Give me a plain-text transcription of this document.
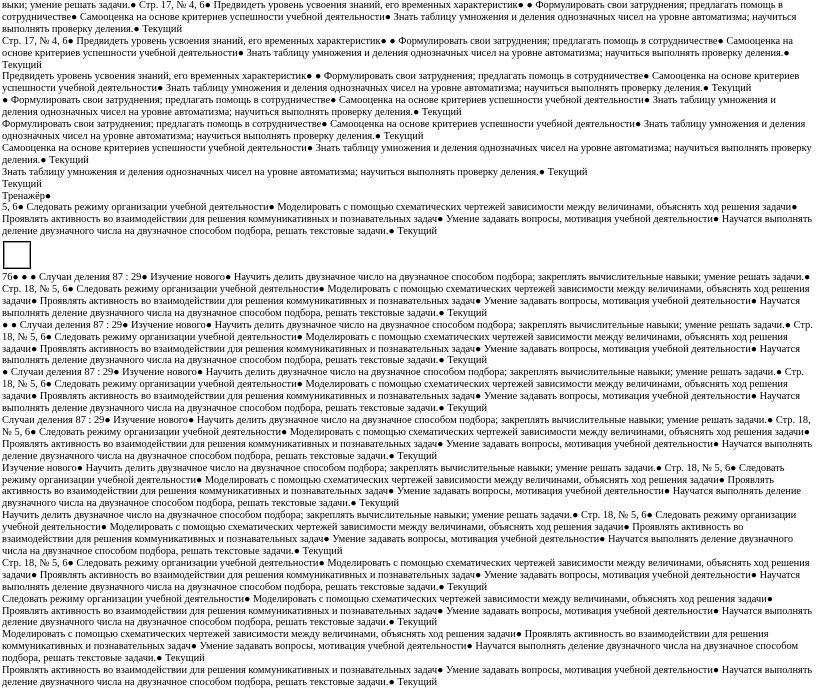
выки; умение решать задачи.● Стр. 17, № 4, 6● Предвидеть уровень усвоения знаний, его временных характеристик● ● Формулировать свои затруднения; предлагать помощь в сотрудничестве● Самооценка на основе критериев успешности учебной деятельности● Знать таблицу умножения и деления однозначных чисел на уровне автоматизма; научиться выполнять проверку деления.● Текущий
Стр. 17, № 4, 6● Предвидеть уровень усвоения знаний, его временных характеристик● ● Формулировать свои затруднения; предлагать помощь в сотрудничестве● Самооценка на основе критериев успешности учебной деятельности● Знать таблицу умножения и деления однозначных чисел на уровне автоматизма; научиться выполнять проверку деления.● Текущий
Предвидеть уровень усвоения знаний, его временных характеристик● ● Формулировать свои затруднения; предлагать помощь в сотрудничестве● Самооценка на основе критериев успешности учебной деятельности● Знать таблицу умножения и деления однозначных чисел на уровне автоматизма; научиться выполнять проверку деления.● Текущий
● Формулировать свои затруднения; предлагать помощь в сотрудничестве● Самооценка на основе критериев успешности учебной деятельности● Знать таблицу умножения и деления однозначных чисел на уровне автоматизма; научиться выполнять проверку деления.● Текущий
Формулировать свои затруднения; предлагать помощь в сотрудничестве● Самооценка на основе критериев успешности учебной деятельности● Знать таблицу умножения и деления однозначных чисел на уровне автоматизма; научиться выполнять проверку деления.● Текущий
Самооценка на основе критериев успешности учебной деятельности● Знать таблицу умножения и деления однозначных чисел на уровне автоматизма; научиться выполнять проверку деления.● Текущий
Знать таблицу умножения и деления однозначных чисел на уровне автоматизма; научиться выполнять проверку деления.● Текущий
Текущий
Тренажёр●
5, 6● Следовать режиму организации учебной деятельности● Моделировать с помощью схематических чертежей зависимости между величинами, объяснять ход решения задачи● Проявлять активность во взаимодействии для решения коммуникативных и познавательных задач● Умение задавать вопросы, мотивация учебной деятельности● Научатся выполнять деление двузначного числа на двузначное способом подбора, решать текстовые задачи.● Текущий
76● ● ● Случаи деления 87 : 29● Изучение нового● Научить делить двузначное число на двузначное способом подбора; закреплять вычислительные навыки; умение решать задачи.● Стр. 18, № 5, 6● Следовать режиму организации учебной деятельности● Моделировать с помощью схематических чертежей зависимости между величинами, объяснять ход решения задачи● Проявлять активность во взаимодействии для решения коммуникативных и познавательных задач● Умение задавать вопросы, мотивация учебной деятельности● Научатся выполнять деление двузначного числа на двузначное способом подбора, решать текстовые задачи.● Текущий
● ● Случаи деления 87 : 29● Изучение нового● Научить делить двузначное число на двузначное способом подбора; закреплять вычислительные навыки; умение решать задачи.● Стр. 18, № 5, 6● Следовать режиму организации учебной деятельности● Моделировать с помощью схематических чертежей зависимости между величинами, объяснять ход решения задачи● Проявлять активность во взаимодействии для решения коммуникативных и познавательных задач● Умение задавать вопросы, мотивация учебной деятельности● Научатся выполнять деление двузначного числа на двузначное способом подбора, решать текстовые задачи.● Текущий
● Случаи деления 87 : 29● Изучение нового● Научить делить двузначное число на двузначное способом подбора; закреплять вычислительные навыки; умение решать задачи.● Стр. 18, № 5, 6● Следовать режиму организации учебной деятельности● Моделировать с помощью схематических чертежей зависимости между величинами, объяснять ход решения задачи● Проявлять активность во взаимодействии для решения коммуникативных и познавательных задач● Умение задавать вопросы, мотивация учебной деятельности● Научатся выполнять деление двузначного числа на двузначное способом подбора, решать текстовые задачи.● Текущий
Случаи деления 87 : 29● Изучение нового● Научить делить двузначное число на двузначное способом подбора; закреплять вычислительные навыки; умение решать задачи.● Стр. 18, № 5, 6● Следовать режиму организации учебной деятельности● Моделировать с помощью схематических чертежей зависимости между величинами, объяснять ход решения задачи● Проявлять активность во взаимодействии для решения коммуникативных и познавательных задач● Умение задавать вопросы, мотивация учебной деятельности● Научатся выполнять деление двузначного числа на двузначное способом подбора, решать текстовые задачи.● Текущий
Изучение нового● Научить делить двузначное число на двузначное способом подбора; закреплять вычислительные навыки; умение решать задачи.● Стр. 18, № 5, 6● Следовать режиму организации учебной деятельности● Моделировать с помощью схематических чертежей зависимости между величинами, объяснять ход решения задачи● Проявлять активность во взаимодействии для решения коммуникативных и познавательных задач● Умение задавать вопросы, мотивация учебной деятельности● Научатся выполнять деление двузначного числа на двузначное способом подбора, решать текстовые задачи.● Текущий
Научить делить двузначное число на двузначное способом подбора; закреплять вычислительные навыки; умение решать задачи.● Стр. 18, № 5, 6● Следовать режиму организации учебной деятельности● Моделировать с помощью схематических чертежей зависимости между величинами, объяснять ход решения задачи● Проявлять активность во взаимодействии для решения коммуникативных и познавательных задач● Умение задавать вопросы, мотивация учебной деятельности● Научатся выполнять деление двузначного числа на двузначное способом подбора, решать текстовые задачи.● Текущий
Стр. 18, № 5, 6● Следовать режиму организации учебной деятельности● Моделировать с помощью схематических чертежей зависимости между величинами, объяснять ход решения задачи● Проявлять активность во взаимодействии для решения коммуникативных и познавательных задач● Умение задавать вопросы, мотивация учебной деятельности● Научатся выполнять деление двузначного числа на двузначное способом подбора, решать текстовые задачи.● Текущий
Следовать режиму организации учебной деятельности● Моделировать с помощью схематических чертежей зависимости между величинами, объяснять ход решения задачи● Проявлять активность во взаимодействии для решения коммуникативных и познавательных задач● Умение задавать вопросы, мотивация учебной деятельности● Научатся выполнять деление двузначного числа на двузначное способом подбора, решать текстовые задачи.● Текущий
Моделировать с помощью схематических чертежей зависимости между величинами, объяснять ход решения задачи● Проявлять активность во взаимодействии для решения коммуникативных и познавательных задач● Умение задавать вопросы, мотивация учебной деятельности● Научатся выполнять деление двузначного числа на двузначное способом подбора, решать текстовые задачи.● Текущий
Проявлять активность во взаимодействии для решения коммуникативных и познавательных задач● Умение задавать вопросы, мотивация учебной деятельности● Научатся выполнять деление двузначного числа на двузначное способом подбора, решать текстовые задачи.● Текущий
